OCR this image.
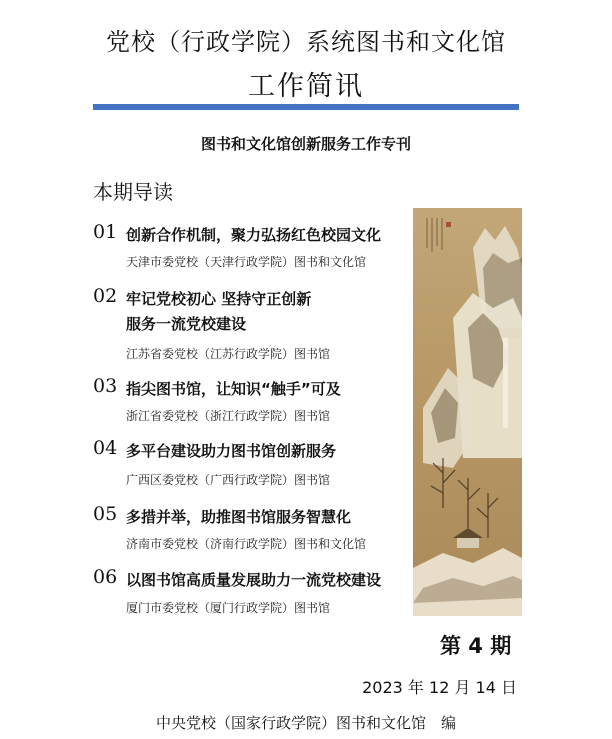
党校（行政学院）系统图书和文化馆
工作简讯
图书和文化馆创新服务工作专刊
本期导读
01 创新合作机制，聚力弘扬红色校园文化
天津市委党校（天津行政学院）图书和文化馆
02 牢记党校初心 坚持守正创新
服务一流党校建设
江苏省委党校（江苏行政学院）图书馆
03 指尖图书馆，让知识“触手”可及
浙江省委党校（浙江行政学院）图书馆
04 多平台建设助力图书馆创新服务
广西区委党校（广西行政学院）图书馆
05 多措并举，助推图书馆服务智慧化
济南市委党校（济南行政学院）图书和文化馆
06 以图书馆高质量发展助力一流党校建设
厦门市委党校（厦门行政学院）图书馆
第 4 期
2023 年 12 月 14 日
中央党校（国家行政学院）图书和文化馆　编
